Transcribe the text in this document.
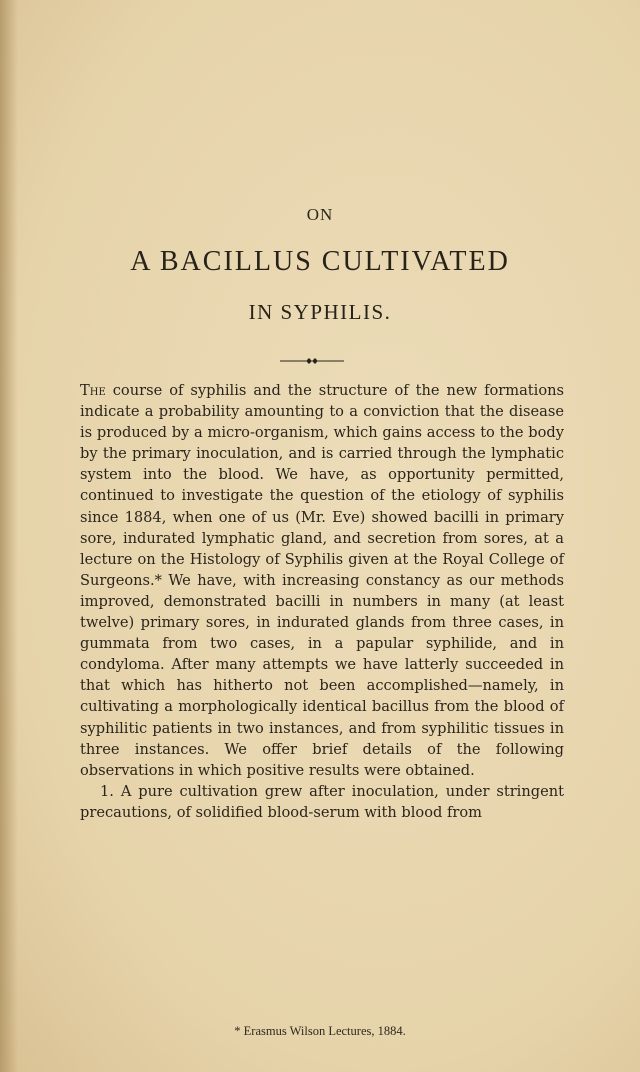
ON
A BACILLUS CULTIVATED
IN SYPHILIS.

The course of syphilis and the structure of the new formations indicate a probability amounting to a conviction that the disease is produced by a micro-organism, which gains access to the body by the primary inoculation, and is carried through the lymphatic system into the blood. We have, as opportunity permitted, continued to investigate the question of the etiology of syphilis since 1884, when one of us (Mr. Eve) showed bacilli in primary sore, indurated lymphatic gland, and secretion from sores, at a lecture on the Histology of Syphilis given at the Royal College of Surgeons.* We have, with increasing constancy as our methods improved, demonstrated bacilli in numbers in many (at least twelve) primary sores, in indurated glands from three cases, in gummata from two cases, in a papular syphilide, and in condyloma. After many attempts we have latterly succeeded in that which has hitherto not been accomplished—namely, in cultivating a morphologically identical bacillus from the blood of syphilitic patients in two instances, and from syphilitic tissues in three instances. We offer brief details of the following observations in which positive results were obtained.

1. A pure cultivation grew after inoculation, under stringent precautions, of solidified blood-serum with blood from

* Erasmus Wilson Lectures, 1884.
